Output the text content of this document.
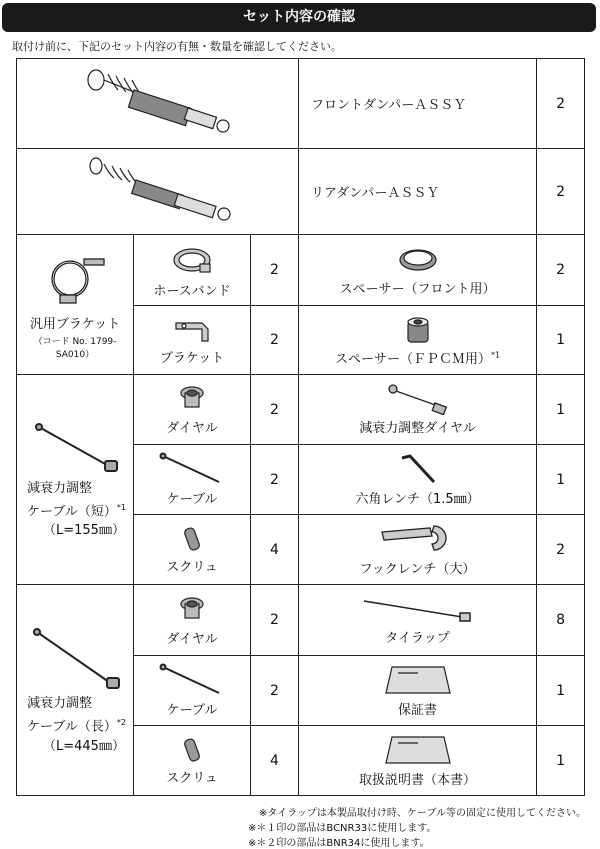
セット内容の確認
取付け前に、下記のセット内容の有無・数量を確認してください。
	フロントダンパーＡＳＳＹ	2
	リアダンパーＡＳＳＹ	2

汎用ブラケット
（コード No. 1799-SA010）	ホースバンド	2	スペーサー（フロント用）	2

	ブラケット	2	スペーサー（ＦＰＣＭ用）$^{*1}$	1

減衰力調整
ケーブル（短）$^{*1}$
（L=155㎜）	ダイヤル	2	減衰力調整ダイヤル	1

	ケーブル	2	六角レンチ（1.5㎜）	1

	スクリュ	4	フックレンチ（大）	2

減衰力調整
ケーブル（長）$^{*2}$
（L=445㎜）	ダイヤル	2	タイラップ	8

	ケーブル	2	保証書	1

	スクリュ	4	取扱説明書（本書）	1
※タイラップは本製品取付け時、ケーブル等の固定に使用してください。
※＊１印の部品はBCNR33に使用します。
※＊２印の部品はBNR34に使用します。
